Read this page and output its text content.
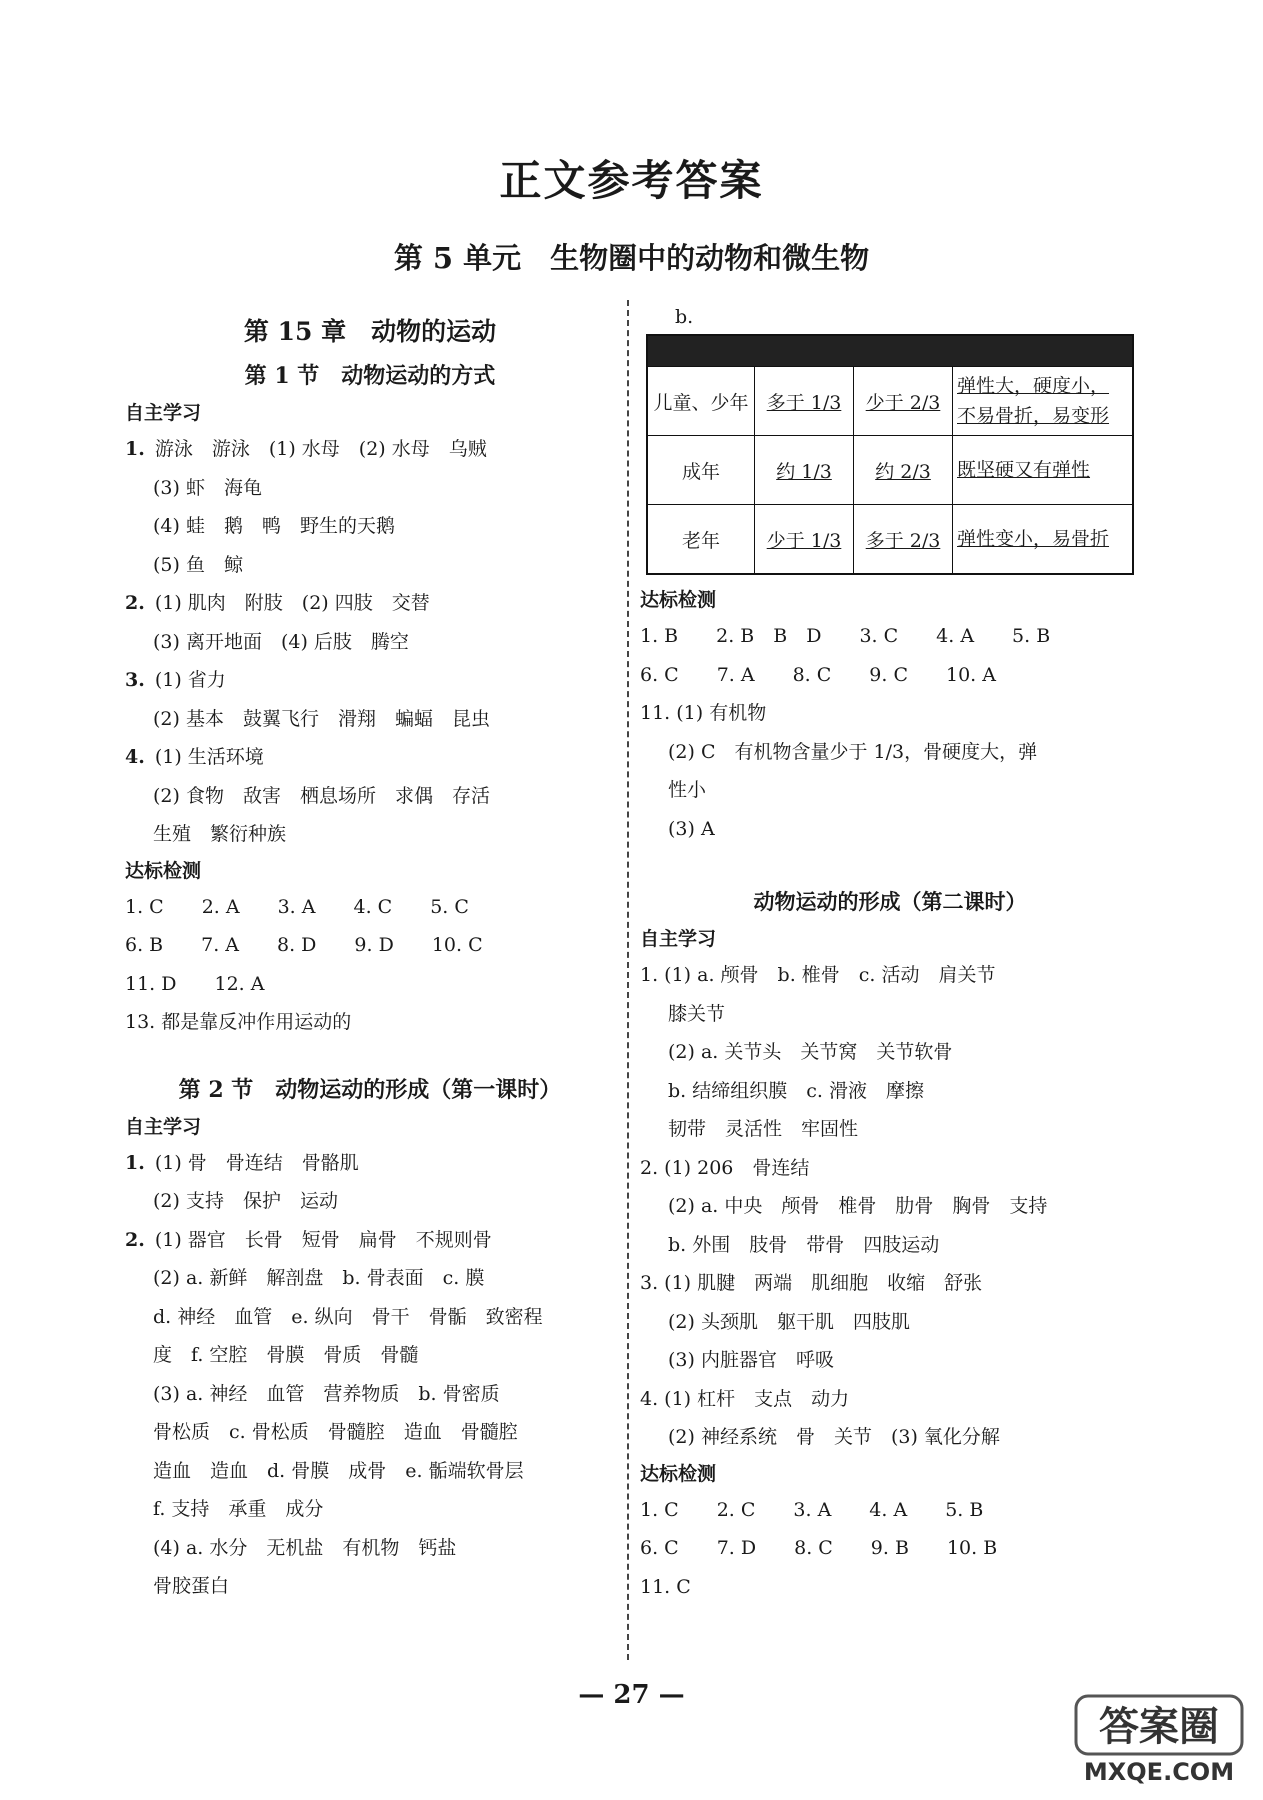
正文参考答案
第 5 单元　生物圈中的动物和微生物
第 15 章　动物的运动
第 1 节　动物运动的方式
自主学习
1. 游泳　游泳　(1) 水母　(2) 水母　乌贼
(3) 虾　海龟
(4) 蛙　鹅　鸭　野生的天鹅
(5) 鱼　鲸
2. (1) 肌肉　附肢　(2) 四肢　交替
(3) 离开地面　(4) 后肢　腾空
3. (1) 省力
(2) 基本　鼓翼飞行　滑翔　蝙蝠　昆虫
4. (1) 生活环境
(2) 食物　敌害　栖息场所　求偶　存活
生殖　繁衍种族
达标检测
1. C　　2. A　　3. A　　4. C　　5. C
6. B　　7. A　　8. D　　9. D　　10. C
11. D　　12. A
13. 都是靠反冲作用运动的
第 2 节　动物运动的形成（第一课时）
自主学习
1. (1) 骨　骨连结　骨骼肌
(2) 支持　保护　运动
2. (1) 器官　长骨　短骨　扁骨　不规则骨
(2) a. 新鲜　解剖盘　b. 骨表面　c. 膜
d. 神经　血管　e. 纵向　骨干　骨骺　致密程
度　f. 空腔　骨膜　骨质　骨髓
(3) a. 神经　血管　营养物质　b. 骨密质
骨松质　c. 骨松质　骨髓腔　造血　骨髓腔
造血　造血　d. 骨膜　成骨　e. 骺端软骨层
f. 支持　承重　成分
(4) a. 水分　无机盐　有机物　钙盐
骨胶蛋白
b.

儿童、少年	多于 1/3	少于 2/3	弹性大，硬度小，
不易骨折，易变形

成年	约 1/3	约 2/3	既坚硬又有弹性

老年	少于 1/3	多于 2/3	弹性变小，易骨折
达标检测
1. B　　2. B　B　D　　3. C　　4. A　　5. B
6. C　　7. A　　8. C　　9. C　　10. A
11. (1) 有机物
(2) C　有机物含量少于 1/3，骨硬度大，弹
性小
(3) A
动物运动的形成（第二课时）
自主学习
1. (1) a. 颅骨　b. 椎骨　c. 活动　肩关节
膝关节
(2) a. 关节头　关节窝　关节软骨
b. 结缔组织膜　c. 滑液　摩擦
韧带　灵活性　牢固性
2. (1) 206　骨连结
(2) a. 中央　颅骨　椎骨　肋骨　胸骨　支持
b. 外围　肢骨　带骨　四肢运动
3. (1) 肌腱　两端　肌细胞　收缩　舒张
(2) 头颈肌　躯干肌　四肢肌
(3) 内脏器官　呼吸
4. (1) 杠杆　支点　动力
(2) 神经系统　骨　关节　(3) 氧化分解
达标检测
1. C　　2. C　　3. A　　4. A　　5. B
6. C　　7. D　　8. C　　9. B　　10. B
11. C
— 27 —
答案圈
MXQE.COM
